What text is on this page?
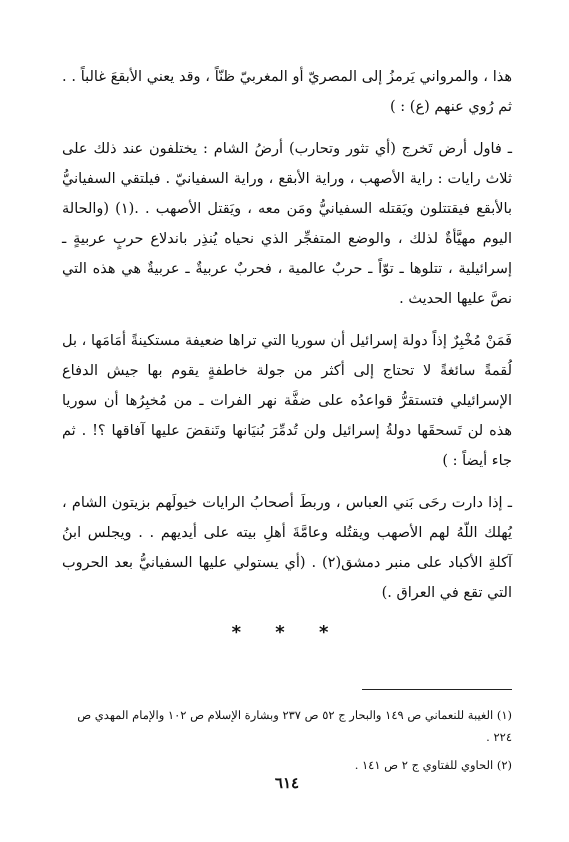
هذا ، والمرواني يَرمزُ إلى المصريّ أو المغربيّ ظنّاً ، وقد يعني الأبقعَ غالباً . . ثم رُوي عنهم (ع) : )

ـ فاول أرض تَخرج (أي تثور وتحارب) أرضُ الشام : يختلفون عند ذلك على ثلاث رايات : راية الأصهب ، وراية الأبقع ، وراية السفيانيّ . فيلتقي السفيانيُّ بالأبقع فيقتتلون ويَقتله السفيانيُّ ومَن معه ، ويَقتل الأصهب . .(١) (والحالة اليوم مهيَّأةٌ لذلك ، والوضع المتفجِّر الذي نحياه يُنذِر باندلاع حربٍ عربيةٍ ـ إسرائيلية ، تتلوها ـ توّاً ـ حربٌ عالمية ، فحربٌ عربيةٌ ـ عربيةٌ هي هذه التي نصَّ عليها الحديث .

فَمَنْ مُخْبِرٌ إذاً دولة إسرائيل أن سوريا التي تراها ضعيفة مستكينةً أمَامَها ، بل لُقمةً سائغةً لا تحتاج إلى أكثر من جولة خاطفةٍ يقوم بها جيش الدفاع الإسرائيلي فتستقرُّ قواعدُه على ضفَّة نهر الفرات ـ من مُخبِرُها أن سوريا هذه لن تَسحقَها دولةُ إسرائيل ولن تُدمِّرَ بُنيَانها وتَنقضَ عليها آفاقها ؟! . ثم جاء أيضاً : )

ـ إذا دارت رحَى بَني العباس ، وربطَ أصحابُ الرايات خيولَهم بزيتون الشام ، يُهلك اللّهُ لهم الأصهب ويقتُله وعامَّةَ أهلِ بيته على أيديهم . . ويجلس ابنُ آكلةِ الأكباد على منبر دمشق(٢) . (أي يستولي عليها السفيانيُّ بعد الحروب التي تقع في العراق .)

* * *

(١) الغيبة للنعماني ص ١٤٩ والبحار ج ٥٢ ص ٢٣٧ وبشارة الإسلام ص ١٠٢ والإمام المهدي ص ٢٢٤ .

(٢) الحاوي للفتاوي ج ٢ ص ١٤١ .

٦١٤
